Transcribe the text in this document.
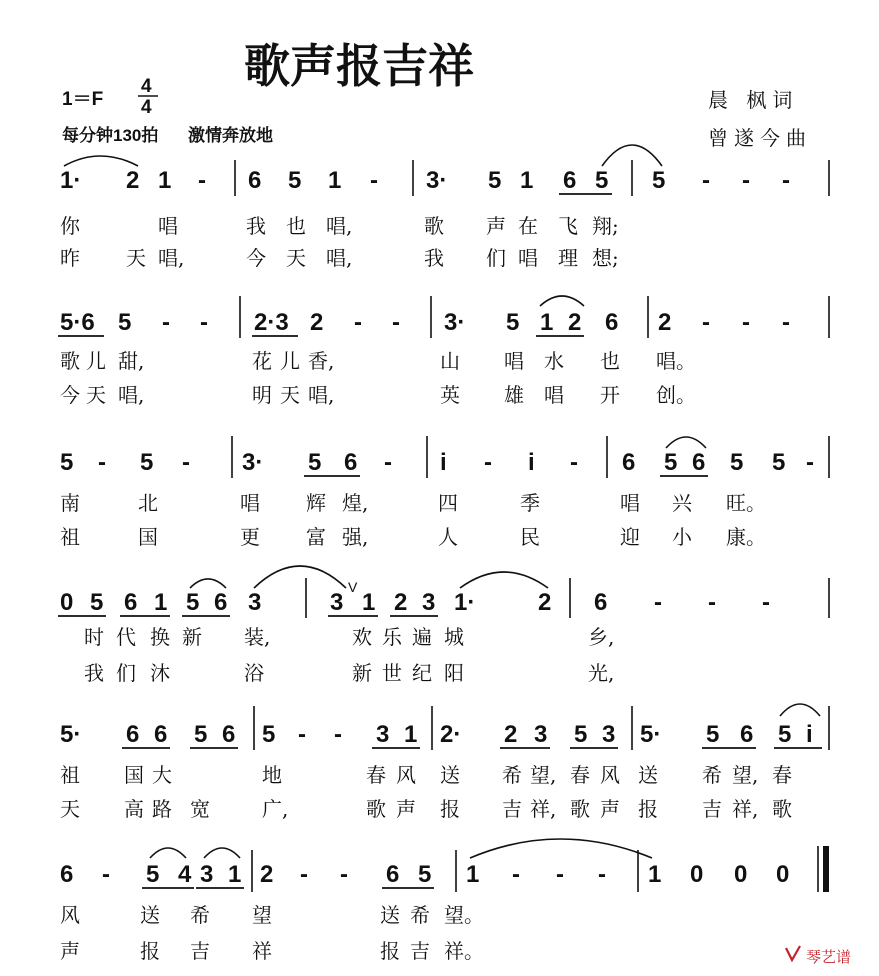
歌声报吉祥
1＝F
4
4
每分钟130拍 激情奔放地
晨 枫词
曾遂今曲
1· 2 1 - 6 5 1 - 3· 5 1 6 5 5 - - -
你	唱	我 也 唱,	歌 声 在 飞 翔;
昨 天 唱,	今 天 唱,	我 们 唱 理 想;
5·6 5 - - 2·3 2 - - 3· 5 1 2 6 2 - - -
歌 儿 甜,	花 儿 香,	山 唱 水 也 唱。
今 天 唱,	明 天 唱,	英 雄 唱 开 创。
5 - 5 - 3· 5 6 - i - i - 6 5 6 5 5 -
南	北	唱 辉 煌,	四	季	唱 兴 旺。
祖	国	更 富 强,	人	民	迎 小 康。
0 5 6 1 5 6 3	3
V
1 2 3 1·	2 6 - - -
时 代 换 新 装,	欢 乐 遍 城	乡,
我 们 沐	浴	新 世 纪 阳	光,
5· 6 6 5 6 5 - - 3 1 2· 2 3 5 3 5· 5 6 5 i
祖 国 大	地	春 风 送 希 望, 春 风 送 希 望, 春
天 高 路 宽	广,	歌 声 报 吉 祥, 歌 声 报 吉 祥, 歌
6 - 5 4 3 1 2 - - 6 5 1 - - - 1 0 0 0
风	送 希 望	送 希 望。
声	报 吉 祥	报 吉 祥。	琴艺谱
